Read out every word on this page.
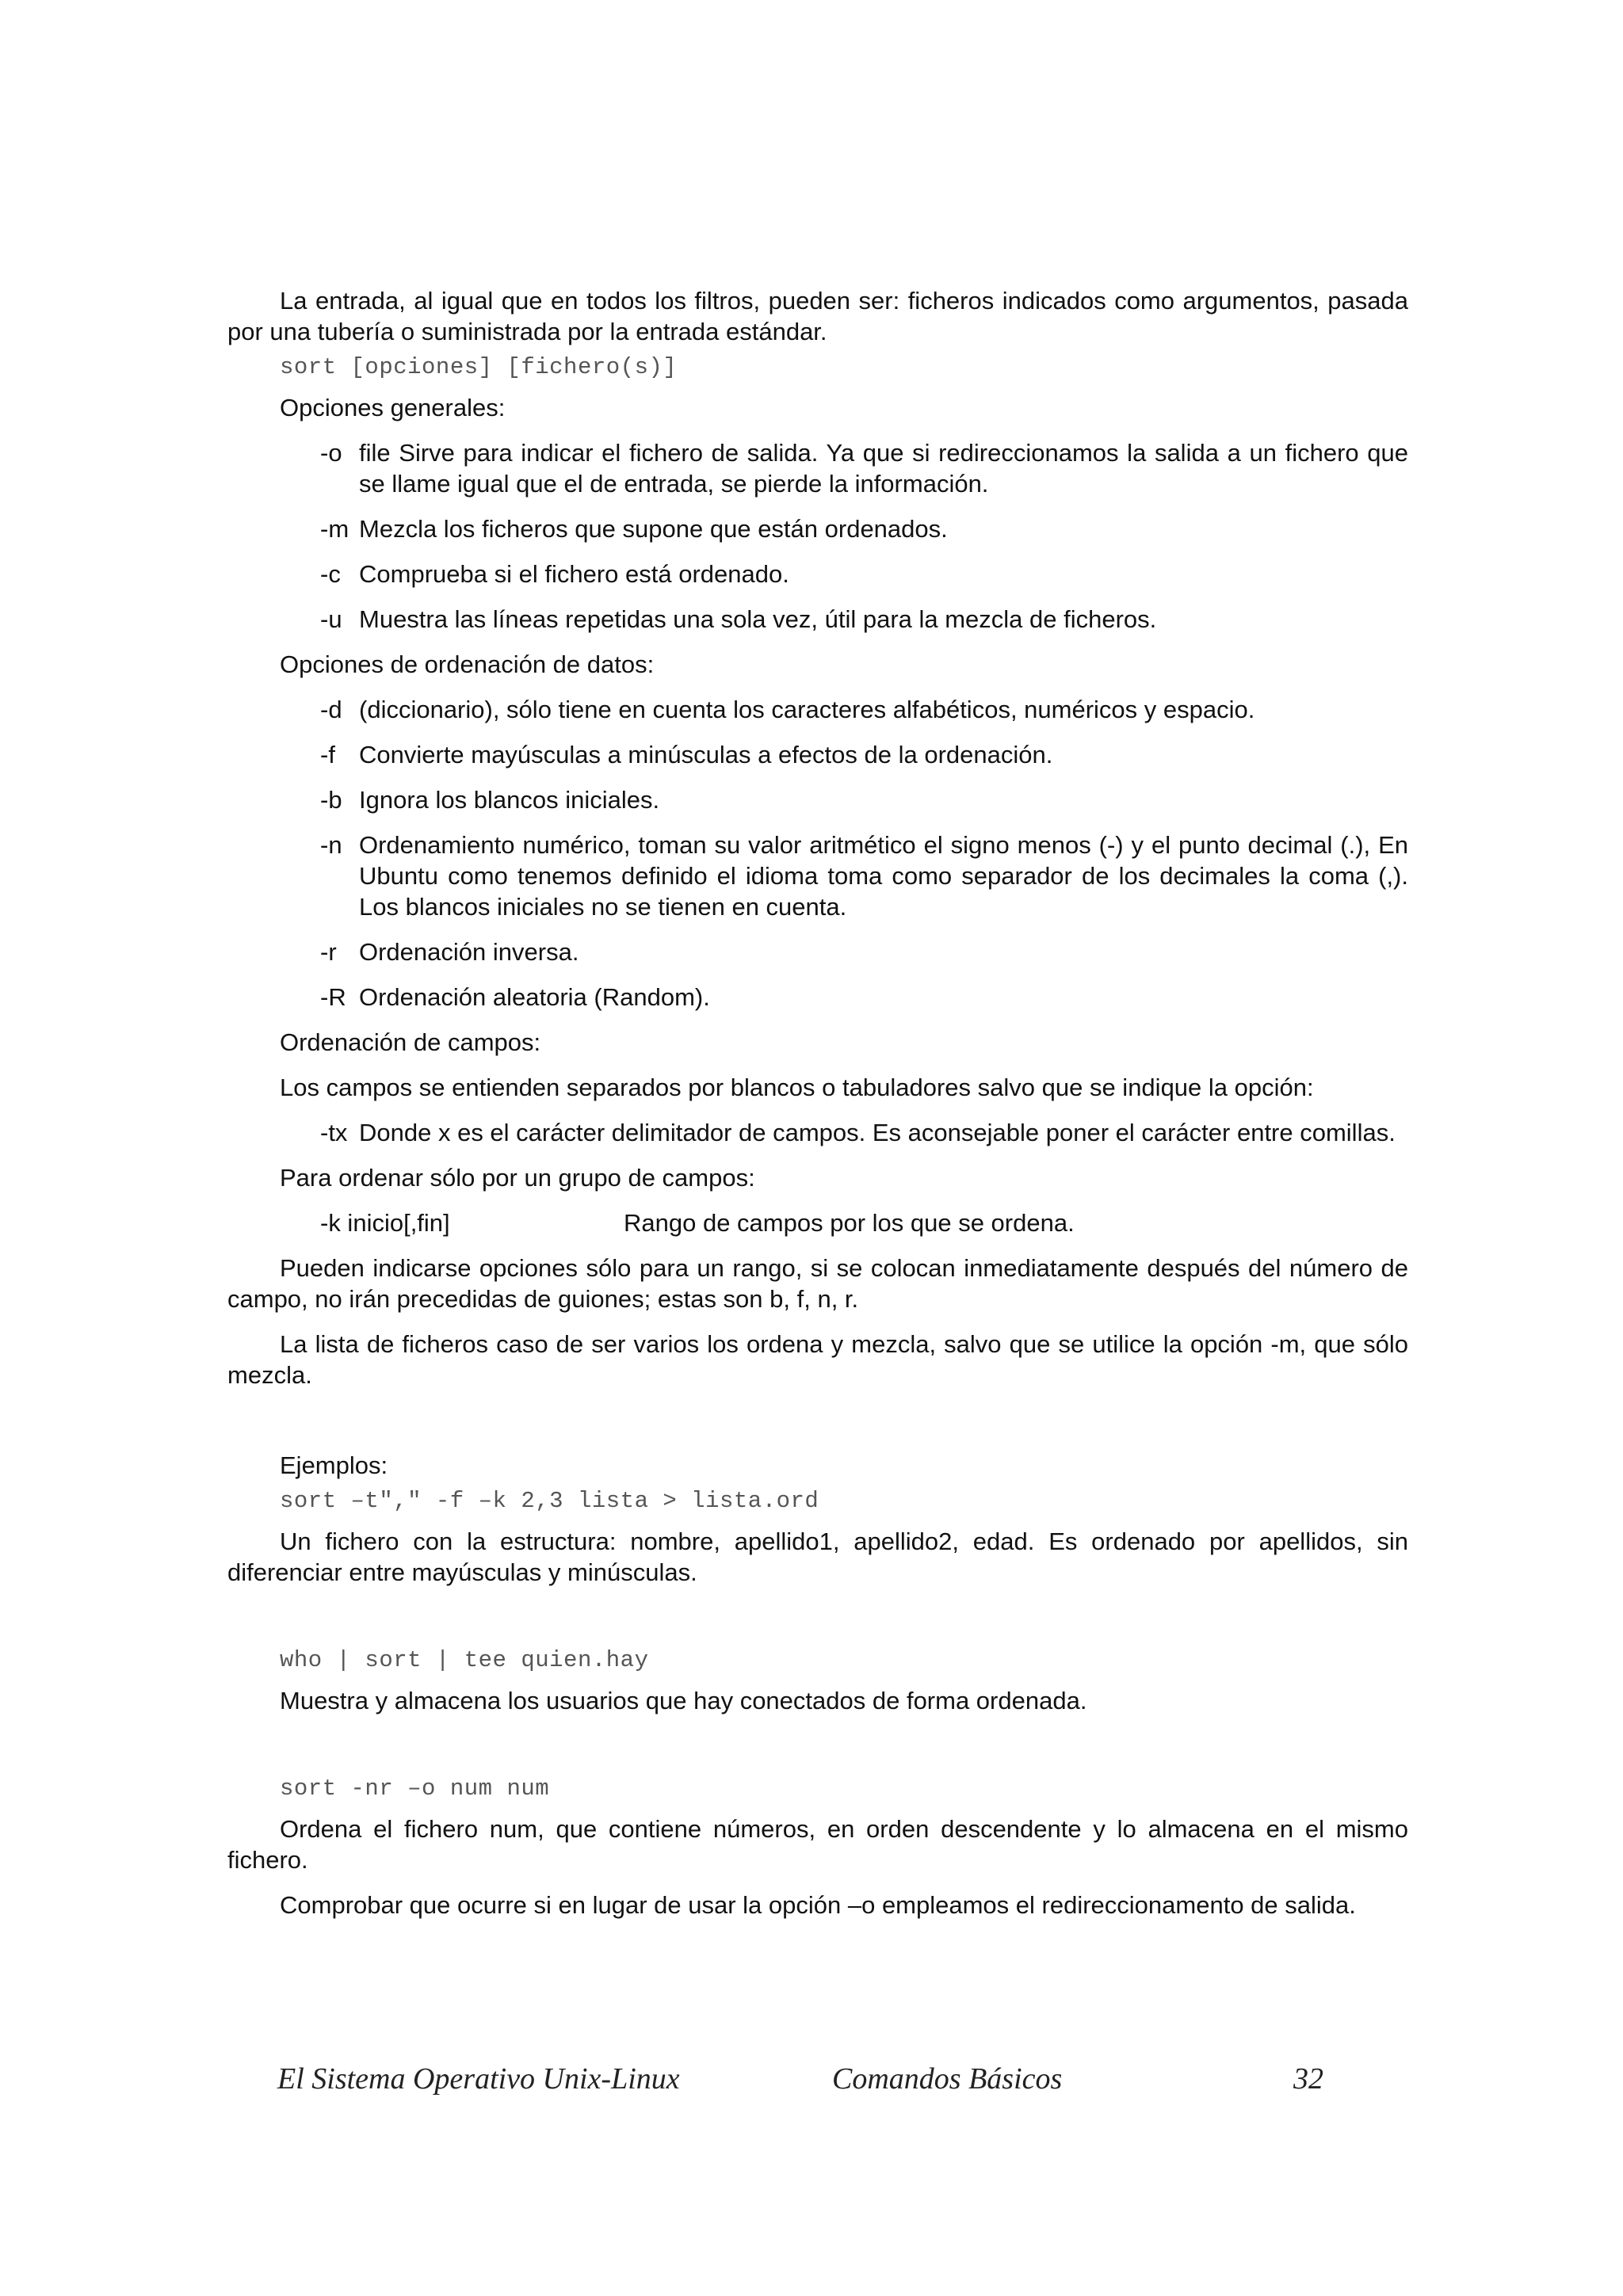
La entrada, al igual que en todos los filtros, pueden ser: ficheros indicados como argumentos, pasada por una tubería o suministrada por la entrada estándar.

sort [opciones] [fichero(s)]

Opciones generales:

-o file Sirve para indicar el fichero de salida. Ya que si redireccionamos la salida a un fichero que se llame igual que el de entrada, se pierde la información.

-m Mezcla los ficheros que supone que están ordenados.

-c Comprueba si el fichero está ordenado.

-u Muestra las líneas repetidas una sola vez, útil para la mezcla de ficheros.

Opciones de ordenación de datos:

-d (diccionario), sólo tiene en cuenta los caracteres alfabéticos, numéricos y espacio.

-f Convierte mayúsculas a minúsculas a efectos de la ordenación.

-b Ignora los blancos iniciales.

-n Ordenamiento numérico, toman su valor aritmético el signo menos (-) y el punto decimal (.), En Ubuntu como tenemos definido el idioma toma como separador de los decimales la coma (,). Los blancos iniciales no se tienen en cuenta.

-r Ordenación inversa.

-R Ordenación aleatoria (Random).

Ordenación de campos:

Los campos se entienden separados por blancos o tabuladores salvo que se indique la opción:

-tx Donde x es el carácter delimitador de campos. Es aconsejable poner el carácter entre comillas.

Para ordenar sólo por un grupo de campos:

-k inicio[,fin]	Rango de campos por los que se ordena.

Pueden indicarse opciones sólo para un rango, si se colocan inmediatamente después del número de campo, no irán precedidas de guiones; estas son b, f, n, r.

La lista de ficheros caso de ser varios los ordena y mezcla, salvo que se utilice la opción -m, que sólo mezcla.

Ejemplos:

sort –t"," -f –k 2,3 lista > lista.ord

Un fichero con la estructura: nombre, apellido1, apellido2, edad. Es ordenado por apellidos, sin diferenciar entre mayúsculas y minúsculas.

who | sort | tee quien.hay

Muestra y almacena los usuarios que hay conectados de forma ordenada.

sort -nr –o num num

Ordena el fichero num, que contiene números, en orden descendente y lo almacena en el mismo fichero.

Comprobar que ocurre si en lugar de usar la opción –o empleamos el redireccionamento de salida.

El Sistema Operativo Unix-Linux	Comandos Básicos	32
